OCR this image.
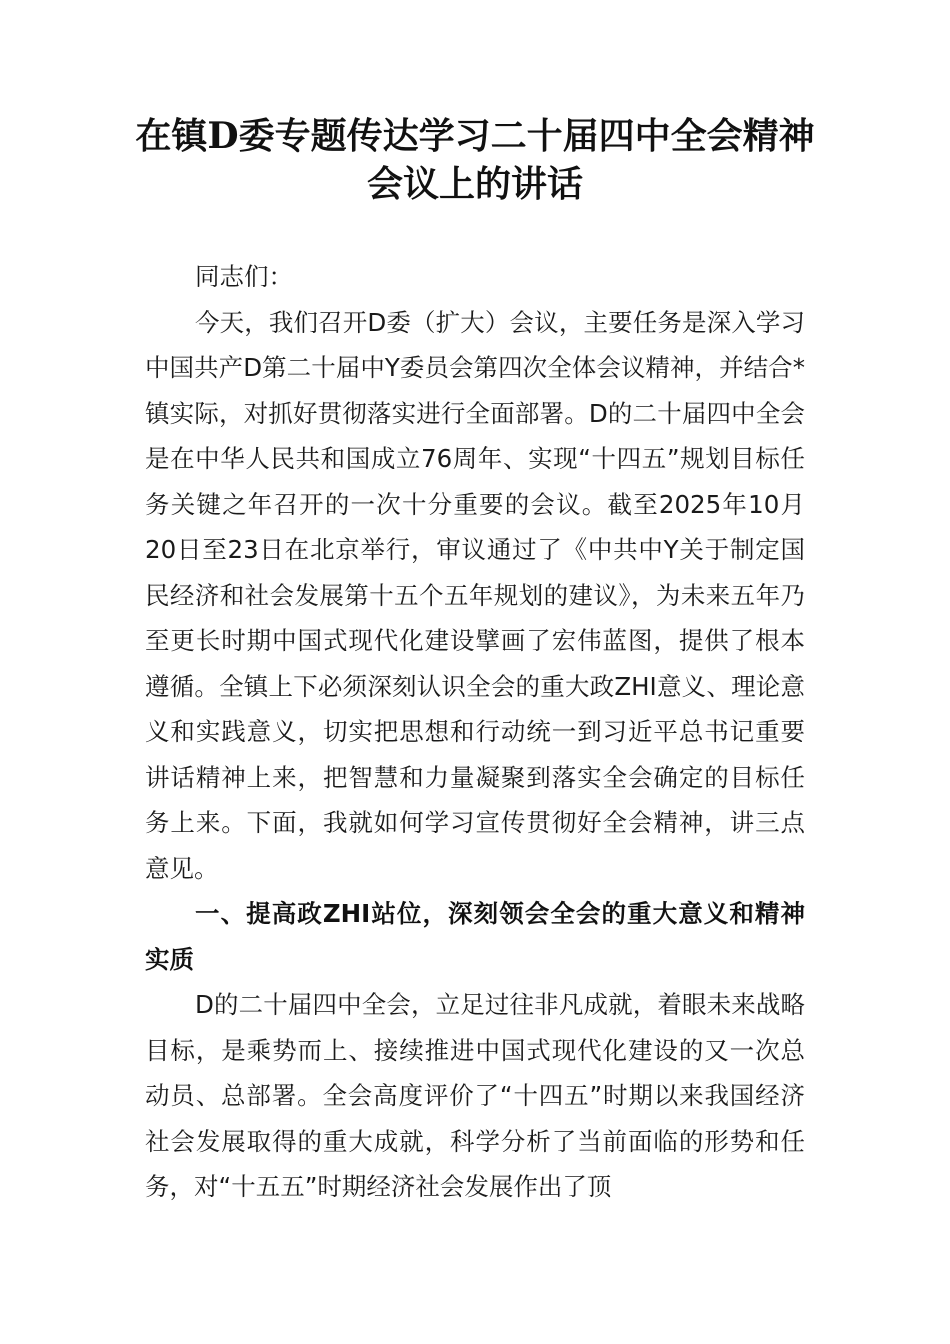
在镇D委专题传达学习二十届四中全会精神会议上的讲话

同志们：

今天，我们召开D委（扩大）会议，主要任务是深入学习中国共产D第二十届中Y委员会第四次全体会议精神，并结合*镇实际，对抓好贯彻落实进行全面部署。D的二十届四中全会是在中华人民共和国成立76周年、实现“十四五”规划目标任务关键之年召开的一次十分重要的会议。截至2025年10月20日至23日在北京举行，审议通过了《中共中Y关于制定国民经济和社会发展第十五个五年规划的建议》，为未来五年乃至更长时期中国式现代化建设擘画了宏伟蓝图，提供了根本遵循。全镇上下必须深刻认识全会的重大政ZHI意义、理论意义和实践意义，切实把思想和行动统一到习近平总书记重要讲话精神上来，把智慧和力量凝聚到落实全会确定的目标任务上来。下面，我就如何学习宣传贯彻好全会精神，讲三点意见。

一、提高政ZHI站位，深刻领会全会的重大意义和精神实质

D的二十届四中全会，立足过往非凡成就，着眼未来战略目标，是乘势而上、接续推进中国式现代化建设的又一次总动员、总部署。全会高度评价了“十四五”时期以来我国经济社会发展取得的重大成就，科学分析了当前面临的形势和任务，对“十五五”时期经济社会发展作出了顶
